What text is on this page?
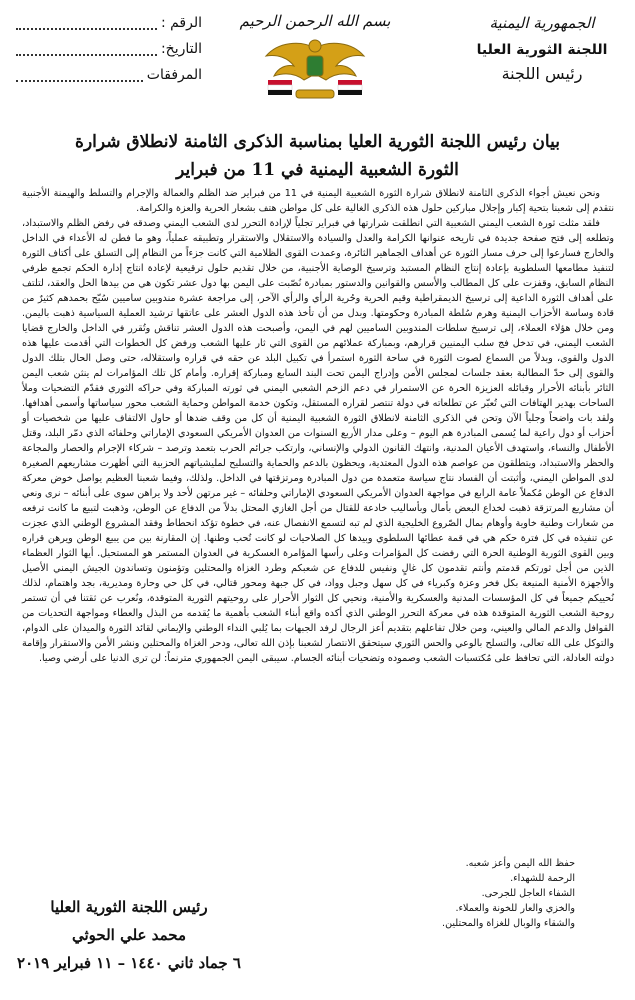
الجمهورية اليمنية
اللجنة الثورية العليا
رئيس اللجنة
بسم الله الرحمن الرحيم
الرقم :
التاريخ:
المرفقات
بيان رئيس اللجنة الثورية العليا بمناسبة الذكرى الثامنة لانطلاق شرارة
الثورة الشعبية اليمنية في 11 من فبراير

ونحن نعيش أجواء الذكرى الثامنة لانطلاق شرارة الثورة الشعبية اليمنية في 11 من فبراير ضد الظلم والعمالة والإجرام والتسلط والهيمنة الأجنبية نتقدم إلى شعبنا بتحية إكبار وإجلال مباركين حلول هذه الذكرى الغالية على كل مواطن هتف بشعار الحرية والعزة والكرامة.

فلقد مثلت ثورة الشعب اليمني الشعبية التي انطلقت شرارتها في فبراير تجلياً لإرادة التحرر لدى الشعب اليمني وصدقه في رفض الظلم والاستبداد، وتطلعه إلى فتح صفحة جديدة في تاريخه عنوانها الكرامة والعدل والسيادة والاستقلال والاستقرار وتطبيقه عملياً، وهو ما فطن له الأعداء في الداخل والخارج فسارعوا إلى حرف مسار الثورة عن أهداف الجماهير الثائرة، وعمدت القوى الظلامية التي كانت جزءاً من النظام إلى التسلق على أكتاف الثورة لتنفيذ مطامعها السلطوية بإعادة إنتاج النظام المستبد وترسيخ الوصاية الأجنبية، من خلال تقديم حلول ترقيعية لإعادة انتاج إدارة الحكم تجمع طرفي النظام السابق، وقفزت على كل المطالب والأسس والقوانين والدستور بمبادرة نُصّبت على اليمن بها دول عشر تكون هي من بيدها الحل والعقد، لتلتف على أهداف الثورة الداعية إلى ترسيخ الديمقراطية وقيم الحرية وحُرية الرأي والرأي الآخر، إلى مراجعة عشرة مندوبين ساميين سُيّح بحمدهم كثيرٌ من قادة وساسة الأحزاب اليمنية وهرم سُلطة المبادرة وحكومتها. وبدل من أن تأخذ هذه الدول العشر على عاتقها ترشيد العملية السياسية ذهبت باليمن. ومن خلال هؤلاء العملاء، إلى ترسيخ سلطات المندوبين الساميين لهم في اليمن، وأصبحت هذه الدول العشر تناقش وتُقرر في الداخل والخارج قضايا الشعب اليمني، في تدخل فج سلب اليمنيين قرارهم، وبمباركة عملائهم من القوى التي ثار عليها الشعب ورفض كل الخطوات التي أقدمت عليها هذه الدول والقوى، وبدلاً من السماع لصوت الثورة في ساحة الثورة استمرأ في تكبيل البلد عن حقه في قراره واستقلاله، حتى وصل الحال بتلك الدول والقوى إلى حدّ المطالبة بعقد جلسات لمجلس الأمن وإدراج اليمن تحت البند السابع ومباركة إقراره. وأمام كل تلك المؤامرات لم ينثن شعب اليمن الثائر بأبنائه الأحرار وقبائله العزيزة الحرة عن الاستمرار في دعم الزخم الشعبي اليمني في ثورته المباركة وفي حراكه الثوري فقدّم التضحيات وملأ الساحات بهدير الهتافات التي تُعبّر عن تطلعاته في دولة تنتصر لقراره المستقل، وتكون خدمة المواطن وحماية الشعب محور سياساتها وأسمى أهدافها. ولقد بات واضحاً وجلياً الآن وتحن في الذكرى الثامنة لانطلاق الثورة الشعبية اليمنية أن كل من وقف ضدها أو حاول الالتفاف عليها من شخصيات أو أحزاب أو دول راعية لما يُسمى المبادرة هم اليوم – وعلى مدار الأربع السنوات من العدوان الأمريكي السعودي الإماراتي وحلفائه الذي دمّر البلد، وقتل الأطفال والنساء، واستهدف الأعيان المدنية، وانتهك القانون الدولي والإنساني، وارتكب جرائم الحرب بتعمد وترصد – شركاء الإجرام والحصار والمجاعة والحظر والاستبداد، ويتطلقون من عواصم هذه الدول المعتدية، ويحظون بالدعم والحماية والتسليح لمليشياتهم الحزبية التي أظهرت مشاريعهم الصغيرة لدى المواطن اليمني، وأثبتت أن الفساد نتاج سياسة متعمدة من دول المبادرة ومرتزقتها في الداخل. ولذلك، وفيما شعبنا العظيم يواصل خوض معركة الدفاع عن الوطن مُكملاً عامة الرابع في مواجهة العدوان الأمريكي السعودي الإماراتي وحلفائه – غير مرتهن لأحد ولا يراهن سوى على أبنائه – نرى ونعي أن مشاريع المرتزقة ذهبت لخداع البعض بأمال وبأساليب خادعة للقتال من أجل الغازي المحتل بدلاً من الدفاع عن الوطن، وذهبت لتبيع ما كانت ترفعه من شعارات وطنية خاوية وأوهام بمال الصّروع الخليجية الذي لم تبه لتسمع الانفصال عنه، في خطوة تؤكد انحطاط وفقد المشروع الوطني الذي عجزت عن تنفيذه في كل فترة حكم هي في قمة عطائها السلطوي وبيدها كل الصلاحيات لو كانت تُحب وطنها. إن المقارنة بين من يبيع الوطن ويرهن قراره وبين القوى الثورية الوطنية الحرة التي رفضت كل المؤامرات وعلى رأسها المؤامرة العسكرية في العدوان المستمر هو المستحيل. أيها الثوار العظماء الذين من أجل ثورتكم قدمتم وأنتم تقدمون كل غالٍ ونفيس للدفاع عن شعبكم وطرد الغزاة والمحتلين وتؤمنون وتساندون الجيش اليمني الأصيل والأجهزة الأمنية المنيعة بكل فخر وعزة وكبرياء في كل سهل وجبل وواد، في كل جبهة ومحور قتالي، في كل حي وحارة ومديرية، بجد واهتمام، لذلك نُحييكم جميعاً في كل المؤسسات المدنية والعسكرية والأمنية، ونحيي كل الثوار الأحرار على روحيتهم الثورية المتوقدة، ونُعرب عن ثقتنا في أن تستمر روحية الشعب الثورية المتوقدة هذه في معركة التحرر الوطني الذي أكده واقع أبناء الشعب بأهمية ما يُقدمه من البذل والعطاء ومواجهة التحديات من القوافل والدعم المالي والعيني، ومن خلال تفاعلهم بتقديم أعز الرجال لرفد الجبهات بما يُلبي النداء الوطني والإيماني لقائد الثورة والميدان على الدوام، والتوكل على الله تعالى، والتسلح بالوعي والحس الثوري سيتحقق الانتصار لشعبنا بإذن الله تعالى، ودحر الغزاة والمحتلين ونشر الأمن والاستقرار وإقامة دولته العادلة، التي تحافظ على مُكتسبات الشعب وصموده وتضحيات أبنائه الجسام. سيبقى اليمن الجمهوري مترنماً: لن ترى الدنيا على أرضي وصيا.

حفظ الله اليمن وأعز شعبه.
الرحمة للشهداء.
الشفاء العاجل للجرحى.
والخزي والعار للخونة والعملاء.
والشقاء والوبال للغزاة والمحتلين.
رئيس اللجنة الثورية العليا
محمد علي الحوثي
٦ جماد ثاني ١٤٤٠ – ١١ فبراير ٢٠١٩
